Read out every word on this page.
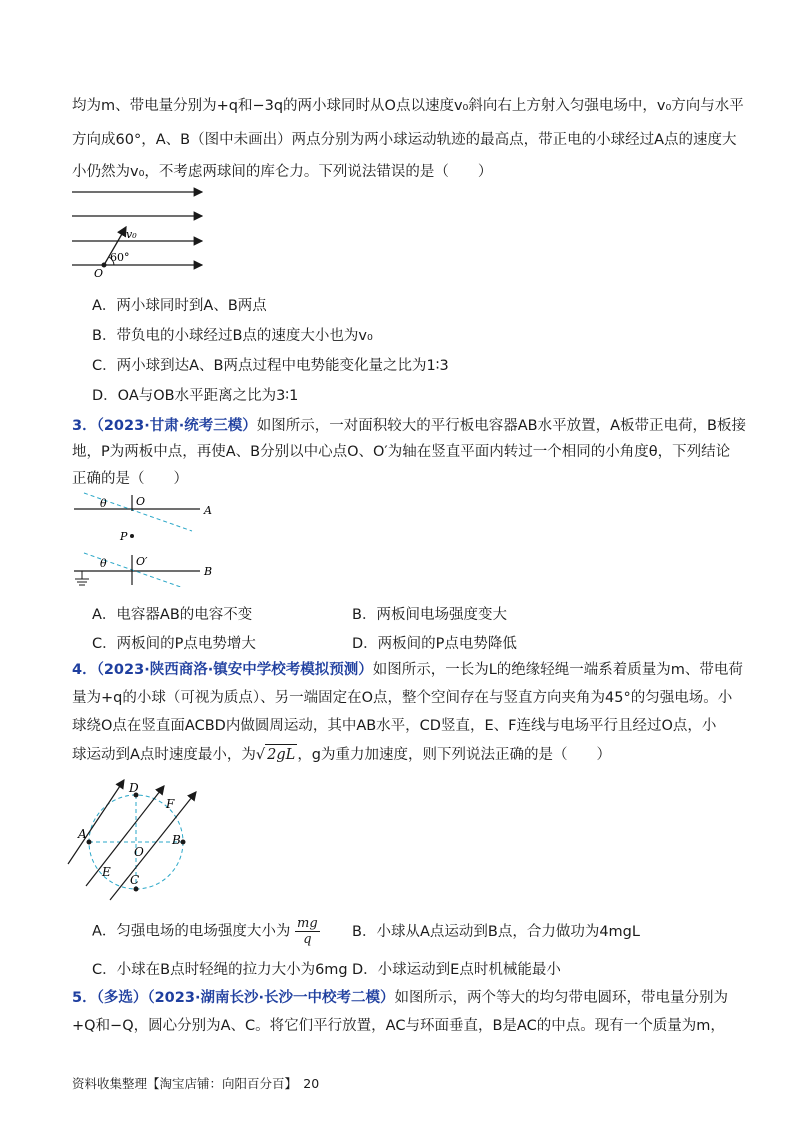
均为m、带电量分别为+q和−3q的两小球同时从O点以速度v₀斜向右上方射入匀强电场中，v₀方向与水平
方向成60°，A、B（图中未画出）两点分别为两小球运动轨迹的最高点，带正电的小球经过A点的速度大
小仍然为v₀，不考虑两球间的库仑力。下列说法错误的是（　　）
v₀
60°
O
A．两小球同时到A、B两点
B．带负电的小球经过B点的速度大小也为v₀
C．两小球到达A、B两点过程中电势能变化量之比为1∶3
D．OA与OB水平距离之比为3∶1
3．（2023·甘肃·统考三模）如图所示，一对面积较大的平行板电容器AB水平放置，A板带正电荷，B板接
地，P为两板中点，再使A、B分别以中心点O、O′为轴在竖直平面内转过一个相同的小角度θ，下列结论
正确的是（　　）
θ	O
A
P
θ	O′
B
A．电容器AB的电容不变	B．两板间电场强度变大
C．两板间的P点电势增大	D．两板间的P点电势降低
4．（2023·陕西商洛·镇安中学校考模拟预测）如图所示，一长为L的绝缘轻绳一端系着质量为m、带电荷
量为+q的小球（可视为质点）、另一端固定在O点，整个空间存在与竖直方向夹角为45°的匀强电场。小
球绕O点在竖直面ACBD内做圆周运动，其中AB水平，CD竖直，E、F连线与电场平行且经过O点，小
球运动到A点时速度最小，为√ 2gL ，g为重力加速度，则下列说法正确的是（　　）
D
F
A
O
B
E
C
A．匀强电场的电场强度大小为 $\frac{mg}{q}$ B．小球从A点运动到B点，合力做功为4mgL
C．小球在B点时轻绳的拉力大小为6mg D．小球运动到E点时机械能最小
5．（多选）（2023·湖南长沙·长沙一中校考二模）如图所示，两个等大的均匀带电圆环，带电量分别为
+Q和−Q，圆心分别为A、C。将它们平行放置，AC与环面垂直，B是AC的中点。现有一个质量为m，
资料收集整理【淘宝店铺：向阳百分百】　20
